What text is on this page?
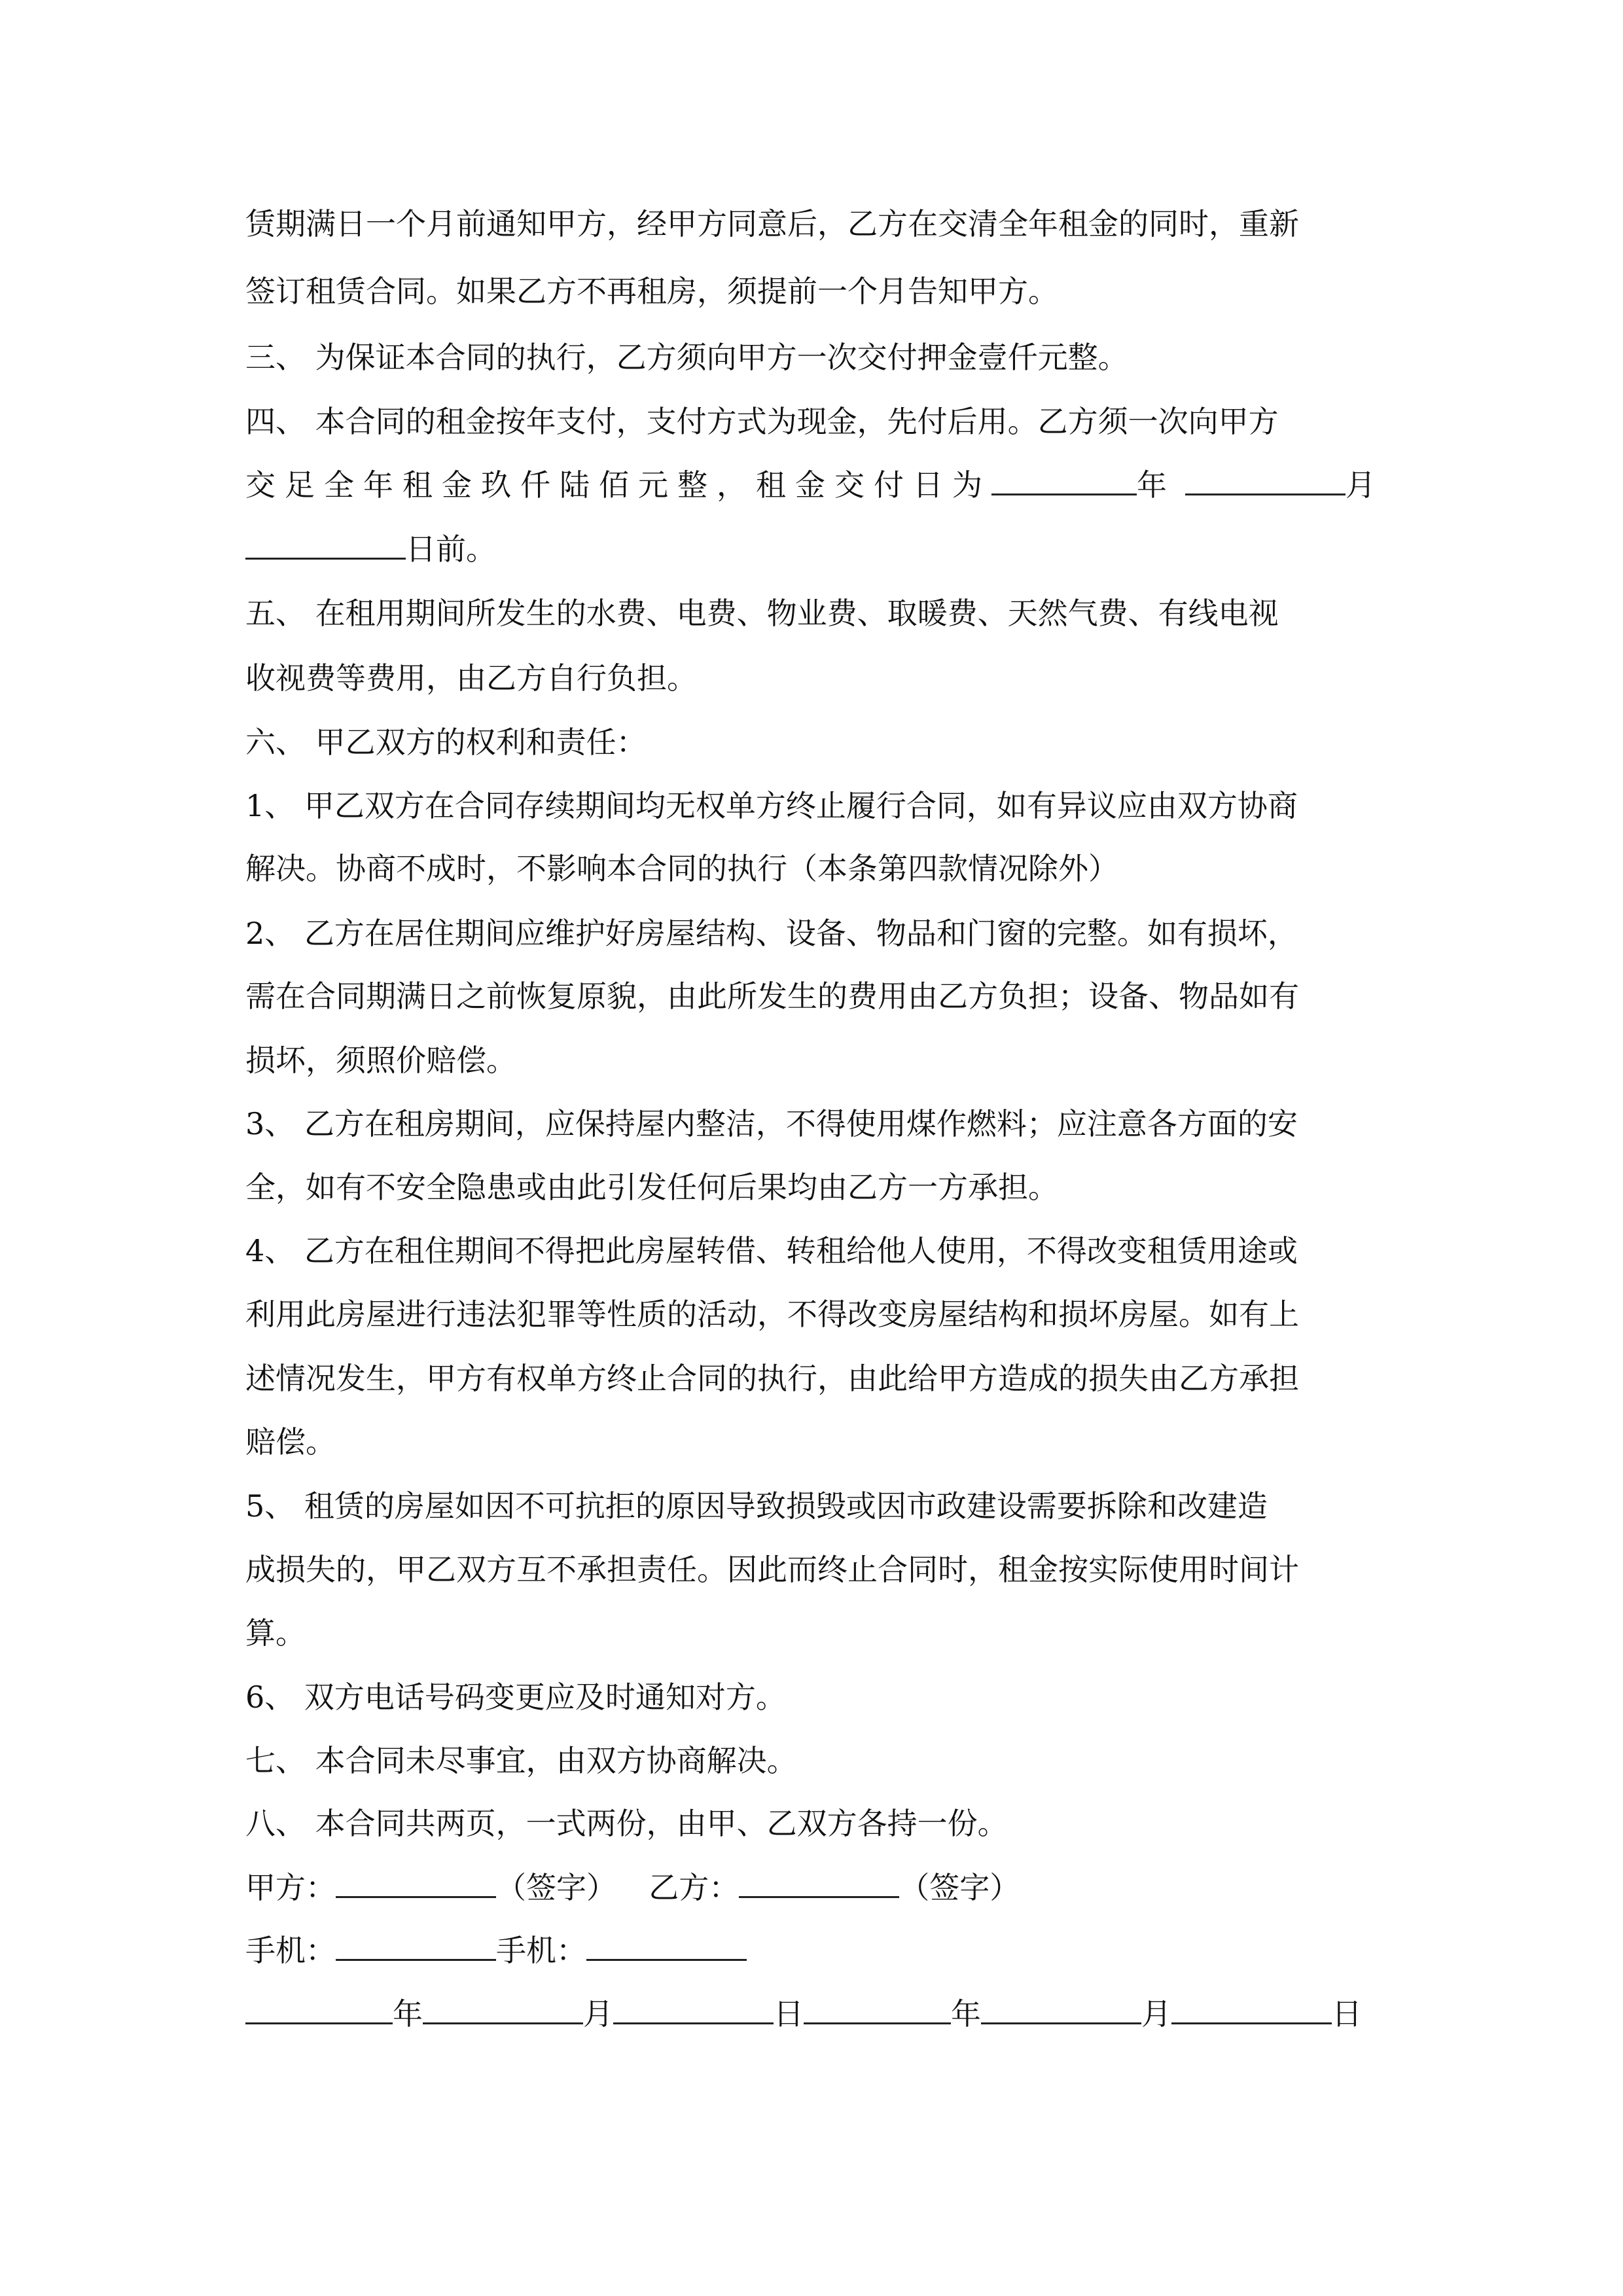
赁期满日一个月前通知甲方，经甲方同意后，乙方在交清全年租金的同时，重新
签订租赁合同。如果乙方不再租房，须提前一个月告知甲方。
三、 为保证本合同的执行，乙方须向甲方一次交付押金壹仟元整。
四、 本合同的租金按年支付，支付方式为现金，先付后用。乙方须一次向甲方
交足全年租金玖仟陆佰元整，租金交付日为	年	月
日前。
五、 在租用期间所发生的水费、电费、物业费、取暖费、天然气费、有线电视
收视费等费用，由乙方自行负担。
六、 甲乙双方的权利和责任：
1、 甲乙双方在合同存续期间均无权单方终止履行合同，如有异议应由双方协商
解决。协商不成时，不影响本合同的执行（本条第四款情况除外）
2、 乙方在居住期间应维护好房屋结构、设备、物品和门窗的完整。如有损坏，
需在合同期满日之前恢复原貌，由此所发生的费用由乙方负担；设备、物品如有
损坏，须照价赔偿。
3、 乙方在租房期间，应保持屋内整洁，不得使用煤作燃料；应注意各方面的安
全，如有不安全隐患或由此引发任何后果均由乙方一方承担。
4、 乙方在租住期间不得把此房屋转借、转租给他人使用，不得改变租赁用途或
利用此房屋进行违法犯罪等性质的活动，不得改变房屋结构和损坏房屋。如有上
述情况发生，甲方有权单方终止合同的执行，由此给甲方造成的损失由乙方承担
赔偿。
5、 租赁的房屋如因不可抗拒的原因导致损毁或因市政建设需要拆除和改建造
成损失的，甲乙双方互不承担责任。因此而终止合同时，租金按实际使用时间计
算。
6、 双方电话号码变更应及时通知对方。
七、 本合同未尽事宜，由双方协商解决。
八、 本合同共两页，一式两份，由甲、乙双方各持一份。
甲方：	（签字） 乙方：	（签字）
手机：	手机：
年	月	日	年	月	日
